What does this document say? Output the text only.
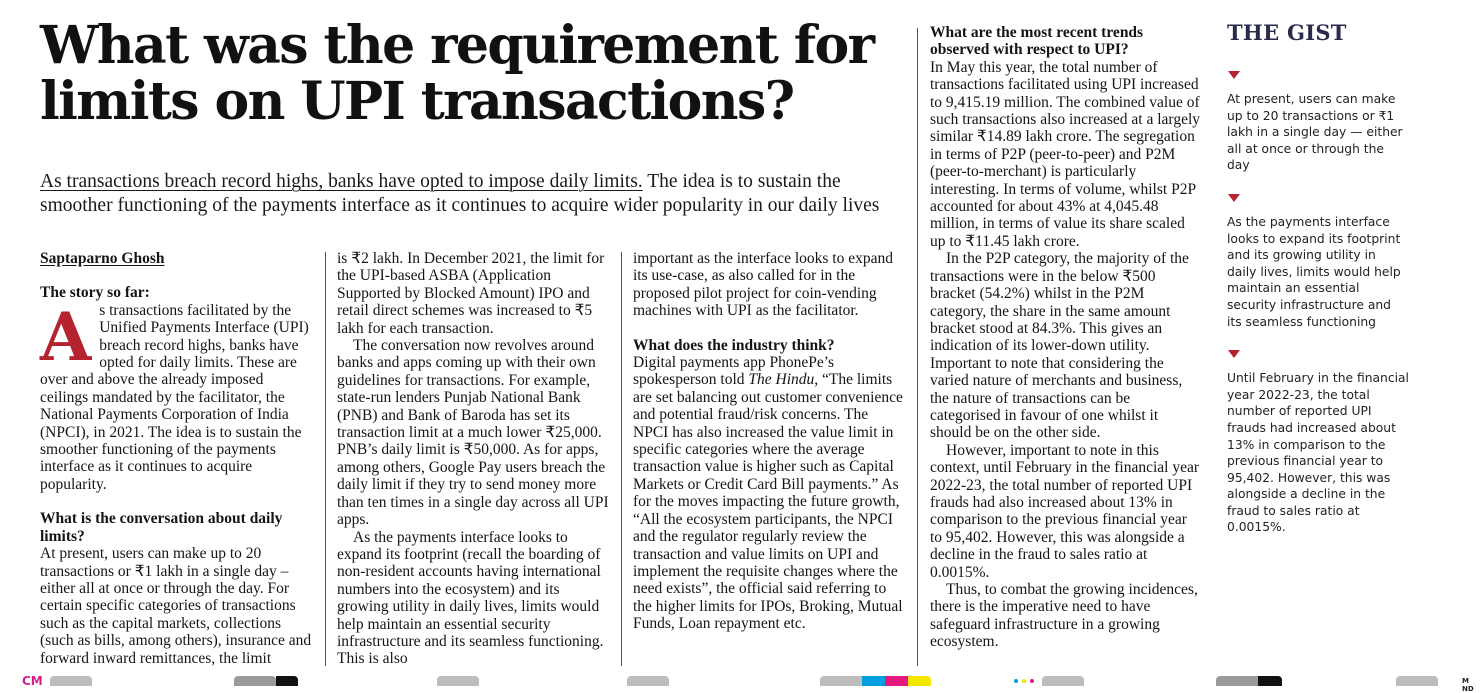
What was the requirement for limits on UPI transactions?

As transactions breach record highs, banks have opted to impose daily limits. The idea is to sustain the smoother functioning of the payments interface as it continues to acquire wider popularity in our daily lives

Saptaparno Ghosh

The story so far:

As transactions facilitated by the Unified Payments Interface (UPI) breach record highs, banks have opted for daily limits. These are over and above the already imposed ceilings mandated by the facilitator, the National Payments Corporation of India (NPCI), in 2021. The idea is to sustain the smoother functioning of the payments interface as it continues to acquire popularity.

What is the conversation about daily limits?

At present, users can make up to 20 transactions or ₹1 lakh in a single day – either all at once or through the day. For certain specific categories of transactions such as the capital markets, collections (such as bills, among others), insurance and forward inward remittances, the limit

is ₹2 lakh. In December 2021, the limit for the UPI-based ASBA (Application Supported by Blocked Amount) IPO and retail direct schemes was increased to ₹5 lakh for each transaction.

The conversation now revolves around banks and apps coming up with their own guidelines for transactions. For example, state-run lenders Punjab National Bank (PNB) and Bank of Baroda has set its transaction limit at a much lower ₹25,000. PNB’s daily limit is ₹50,000. As for apps, among others, Google Pay users breach the daily limit if they try to send money more than ten times in a single day across all UPI apps.

As the payments interface looks to expand its footprint (recall the boarding of non-resident accounts having international numbers into the ecosystem) and its growing utility in daily lives, limits would help maintain an essential security infrastructure and its seamless functioning. This is also

important as the interface looks to expand its use-case, as also called for in the proposed pilot project for coin-vending machines with UPI as the facilitator.

What does the industry think?

Digital payments app PhonePe’s spokesperson told The Hindu, “The limits are set balancing out customer convenience and potential fraud/risk concerns. The NPCI has also increased the value limit in specific categories where the average transaction value is higher such as Capital Markets or Credit Card Bill payments.” As for the moves impacting the future growth, “All the ecosystem participants, the NPCI and the regulator regularly review the transaction and value limits on UPI and implement the requisite changes where the need exists”, the official said referring to the higher limits for IPOs, Broking, Mutual Funds, Loan repayment etc.

What are the most recent trends observed with respect to UPI?

In May this year, the total number of transactions facilitated using UPI increased to 9,415.19 million. The combined value of such transactions also increased at a largely similar ₹14.89 lakh crore. The segregation in terms of P2P (peer-to-peer) and P2M (peer-to-merchant) is particularly interesting. In terms of volume, whilst P2P accounted for about 43% at 4,045.48 million, in terms of value its share scaled up to ₹11.45 lakh crore.

In the P2P category, the majority of the transactions were in the below ₹500 bracket (54.2%) whilst in the P2M category, the share in the same amount bracket stood at 84.3%. This gives an indication of its lower-down utility. Important to note that considering the varied nature of merchants and business, the nature of transactions can be categorised in favour of one whilst it should be on the other side.

However, important to note in this context, until February in the financial year 2022-23, the total number of reported UPI frauds had also increased about 13% in comparison to the previous financial year to 95,402. However, this was alongside a decline in the fraud to sales ratio at 0.0015%.

Thus, to combat the growing incidences, there is the imperative need to have safeguard infrastructure in a growing ecosystem.

THE GIST

At present, users can make up to 20 transactions or ₹1 lakh in a single day — either all at once or through the day

As the payments interface looks to expand its footprint and its growing utility in daily lives, limits would help maintain an essential security infrastructure and its seamless functioning

Until February in the financial year 2022-23, the total number of reported UPI frauds had increased about 13% in comparison to the previous financial year to 95,402. However, this was alongside a decline in the fraud to sales ratio at 0.0015%.

CM	M ND
